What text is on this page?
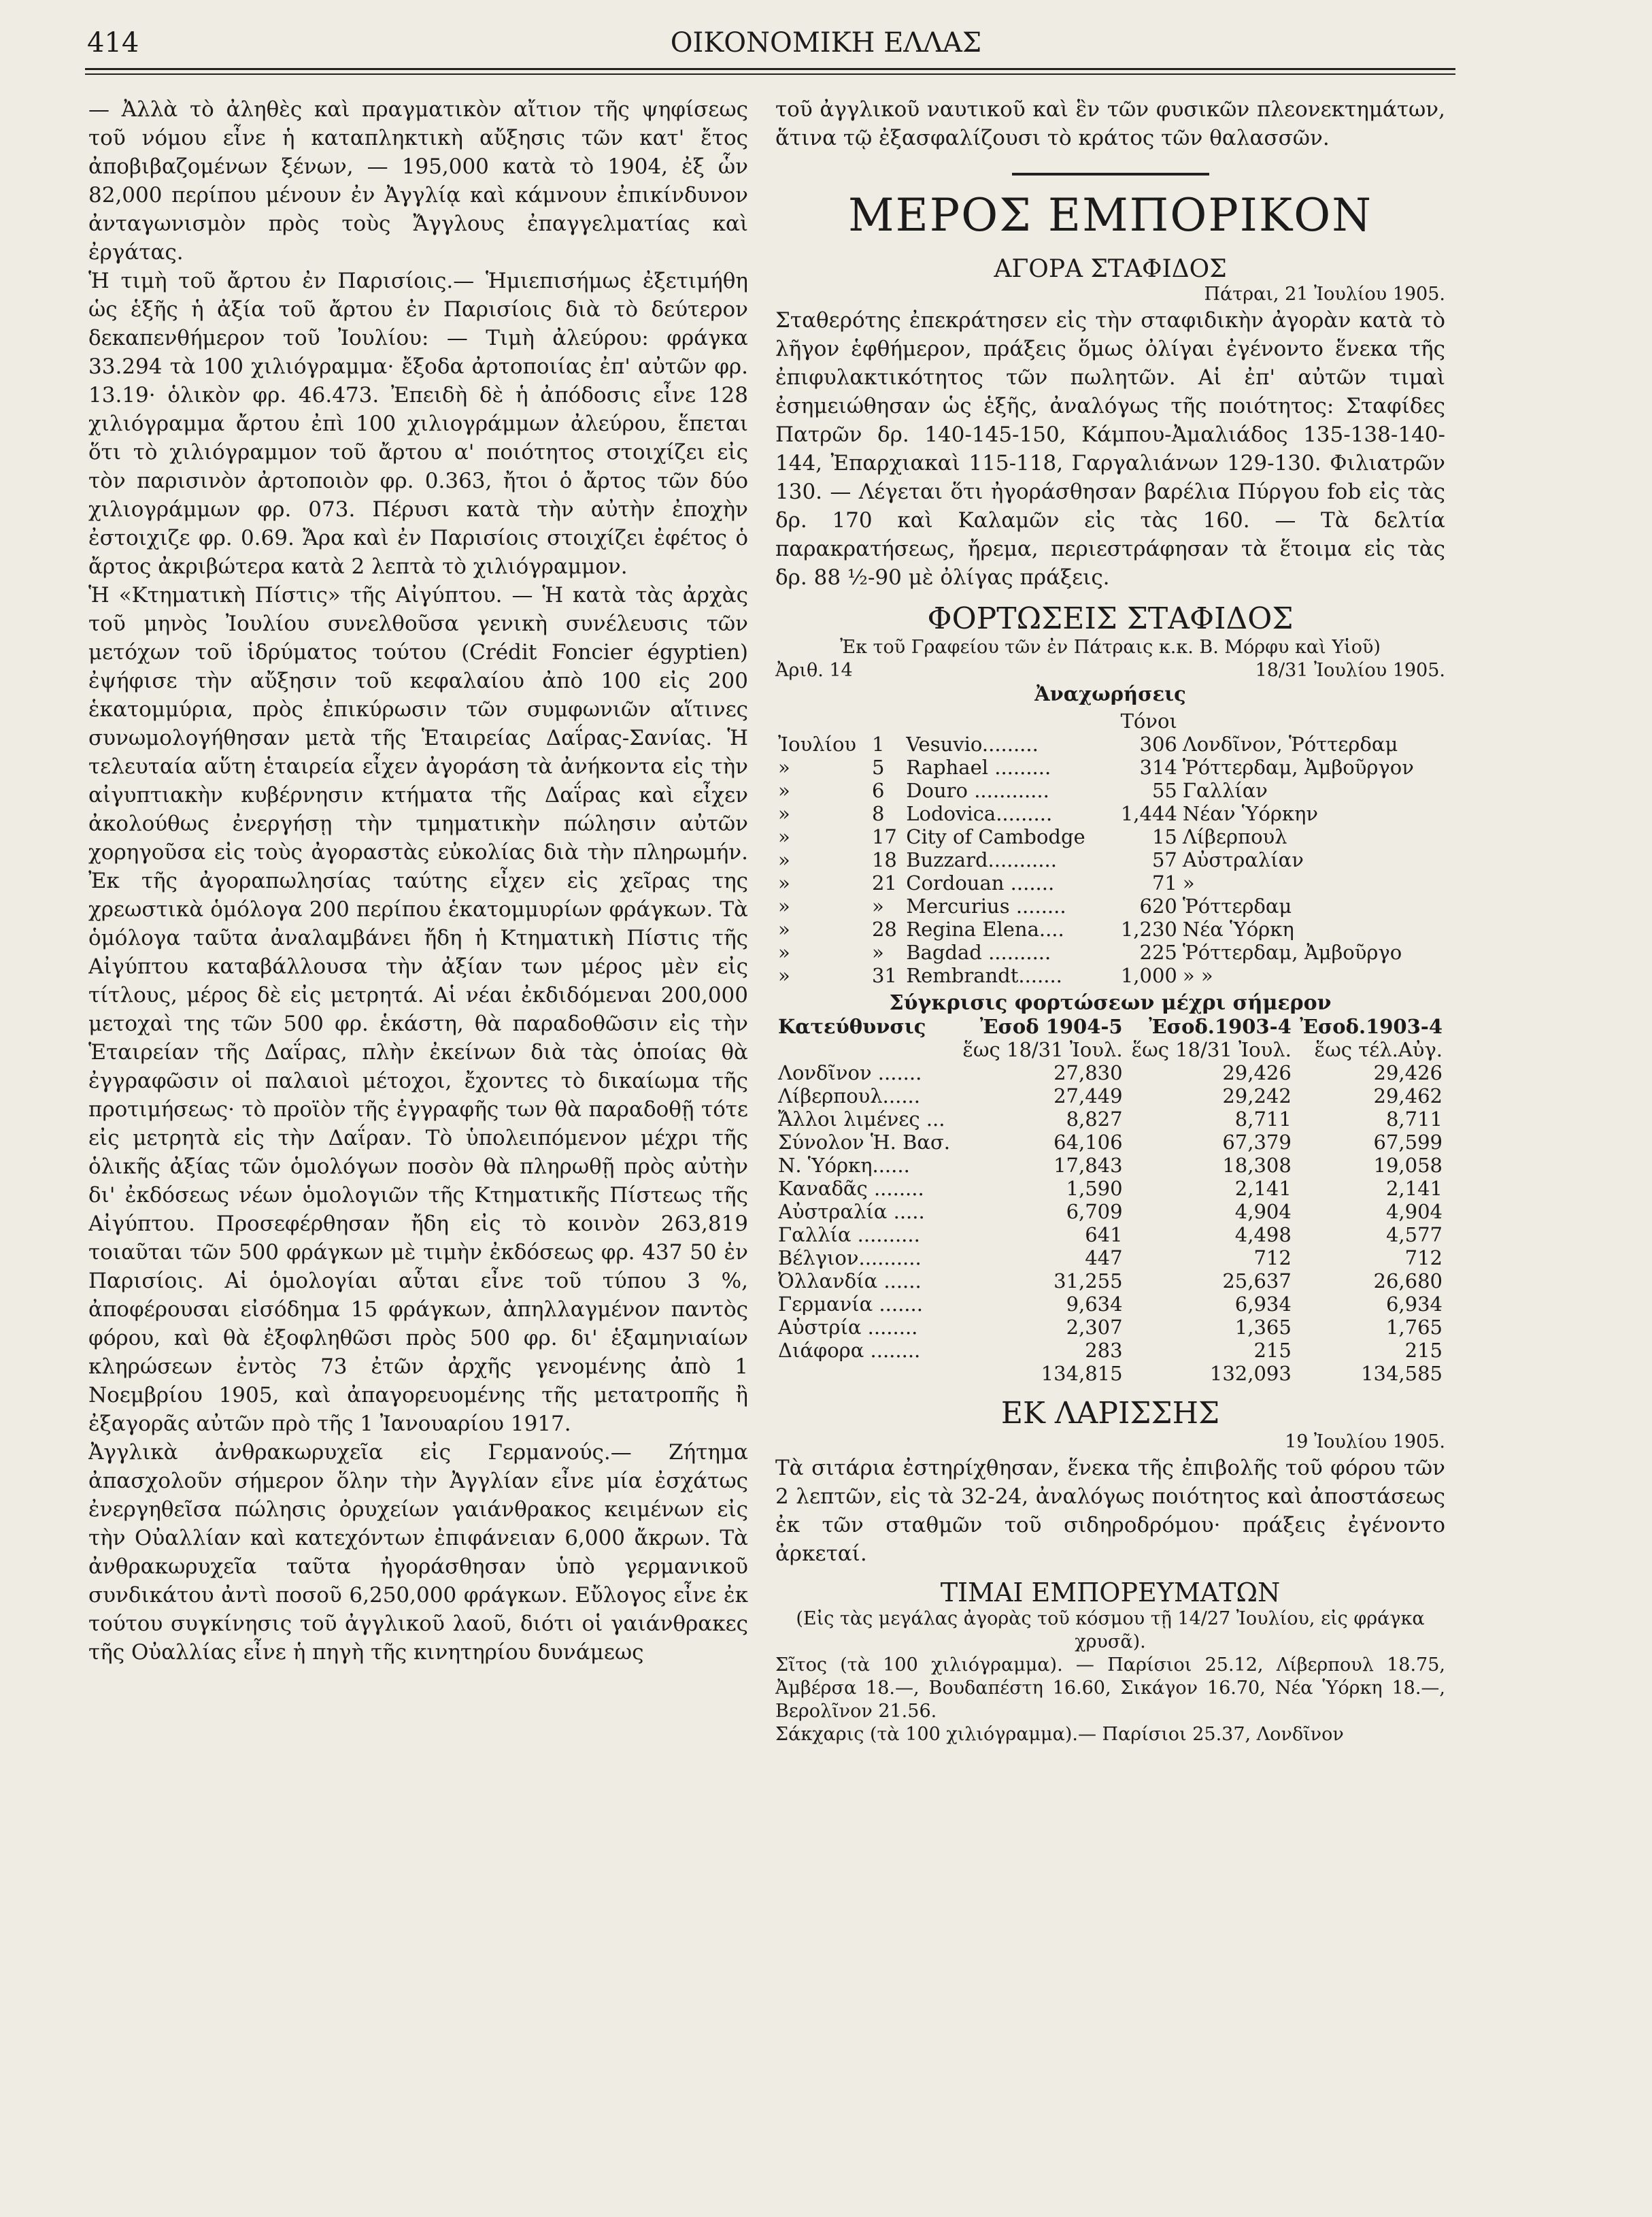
414	ΟΙΚΟΝΟΜΙΚΗ ΕΛΛΑΣ

— Ἀλλὰ τὸ ἀληθὲς καὶ πραγματικὸν αἴτιον τῆς ψηφίσεως τοῦ νόμου εἶνε ἡ καταπληκτικὴ αὔξησις τῶν κατ' ἔτος ἀποβιβαζομένων ξένων, — 195,000 κατὰ τὸ 1904, ἐξ ὧν 82,000 περίπου μένουν ἐν Ἀγγλίᾳ καὶ κάμνουν ἐπικίνδυνον ἀνταγωνισμὸν πρὸς τοὺς Ἄγγλους ἐπαγγελματίας καὶ ἐργάτας.

Ἡ τιμὴ τοῦ ἄρτου ἐν Παρισίοις.— Ἡμιεπισήμως ἐξετιμήθη ὡς ἑξῆς ἡ ἀξία τοῦ ἄρτου ἐν Παρισίοις διὰ τὸ δεύτερον δεκαπενθήμερον τοῦ Ἰουλίου: — Τιμὴ ἀλεύρου: φράγκα 33.294 τὰ 100 χιλιόγραμμα· ἔξοδα ἀρτοποιίας ἐπ' αὐτῶν φρ. 13.19· ὁλικὸν φρ. 46.473. Ἐπειδὴ δὲ ἡ ἀπόδοσις εἶνε 128 χιλιόγραμμα ἄρτου ἐπὶ 100 χιλιογράμμων ἀλεύρου, ἕπεται ὅτι τὸ χιλιόγραμμον τοῦ ἄρτου α' ποιότητος στοιχίζει εἰς τὸν παρισινὸν ἀρτοποιὸν φρ. 0.363, ἤτοι ὁ ἄρτος τῶν δύο χιλιογράμμων φρ. 073. Πέρυσι κατὰ τὴν αὐτὴν ἐποχὴν ἐστοιχιζε φρ. 0.69. Ἄρα καὶ ἐν Παρισίοις στοιχίζει ἐφέτος ὁ ἄρτος ἀκριβώτερα κατὰ 2 λεπτὰ τὸ χιλιόγραμμον.

Ἡ «Κτηματικὴ Πίστις» τῆς Αἰγύπτου. — Ἡ κατὰ τὰς ἀρχὰς τοῦ μηνὸς Ἰουλίου συνελθοῦσα γενικὴ συνέλευσις τῶν μετόχων τοῦ ἱδρύματος τούτου (Crédit Foncier égyptien) ἐψήφισε τὴν αὔξησιν τοῦ κεφαλαίου ἀπὸ 100 εἰς 200 ἑκατομμύρια, πρὸς ἐπικύρωσιν τῶν συμφωνιῶν αἵτινες συνωμολογήθησαν μετὰ τῆς Ἑταιρείας Δαΐρας-Σανίας. Ἡ τελευταία αὕτη ἑταιρεία εἶχεν ἀγοράση τὰ ἀνήκοντα εἰς τὴν αἰγυπτιακὴν κυβέρνησιν κτήματα τῆς Δαΐρας καὶ εἶχεν ἀκολούθως ἐνεργήσῃ τὴν τμηματικὴν πώλησιν αὐτῶν χορηγοῦσα εἰς τοὺς ἀγοραστὰς εὐκολίας διὰ τὴν πληρωμήν. Ἐκ τῆς ἀγοραπωλησίας ταύτης εἶχεν εἰς χεῖρας της χρεωστικὰ ὁμόλογα 200 περίπου ἑκατομμυρίων φράγκων. Τὰ ὁμόλογα ταῦτα ἀναλαμβάνει ἤδη ἡ Κτηματικὴ Πίστις τῆς Αἰγύπτου καταβάλλουσα τὴν ἀξίαν των μέρος μὲν εἰς τίτλους, μέρος δὲ εἰς μετρητά. Αἱ νέαι ἐκδιδόμεναι 200,000 μετοχαὶ της τῶν 500 φρ. ἑκάστη, θὰ παραδοθῶσιν εἰς τὴν Ἑταιρείαν τῆς Δαΐρας, πλὴν ἐκείνων διὰ τὰς ὁποίας θὰ ἐγγραφῶσιν οἱ παλαιοὶ μέτοχοι, ἔχοντες τὸ δικαίωμα τῆς προτιμήσεως· τὸ προϊὸν τῆς ἐγγραφῆς των θὰ παραδοθῇ τότε εἰς μετρητὰ εἰς τὴν Δαΐραν. Τὸ ὑπολειπόμενον μέχρι τῆς ὁλικῆς ἀξίας τῶν ὁμολόγων ποσὸν θὰ πληρωθῇ πρὸς αὐτὴν δι' ἐκδόσεως νέων ὁμολογιῶν τῆς Κτηματικῆς Πίστεως τῆς Αἰγύπτου. Προσεφέρθησαν ἤδη εἰς τὸ κοινὸν 263,819 τοιαῦται τῶν 500 φράγκων μὲ τιμὴν ἐκδόσεως φρ. 437 50 ἐν Παρισίοις. Αἱ ὁμολογίαι αὗται εἶνε τοῦ τύπου 3 %, ἀποφέρουσαι εἰσόδημα 15 φράγκων, ἀπηλλαγμένον παντὸς φόρου, καὶ θὰ ἐξοφληθῶσι πρὸς 500 φρ. δι' ἑξαμηνιαίων κληρώσεων ἐντὸς 73 ἐτῶν ἀρχῆς γενομένης ἀπὸ 1 Νοεμβρίου 1905, καὶ ἀπαγορευομένης τῆς μετατροπῆς ἢ ἐξαγορᾶς αὐτῶν πρὸ τῆς 1 Ἰανουαρίου 1917.

Ἀγγλικὰ ἀνθρακωρυχεῖα εἰς Γερμανούς.— Ζήτημα ἀπασχολοῦν σήμερον ὅλην τὴν Ἀγγλίαν εἶνε μία ἐσχάτως ἐνεργηθεῖσα πώλησις ὀρυχείων γαιάνθρακος κειμένων εἰς τὴν Οὐαλλίαν καὶ κατεχόντων ἐπιφάνειαν 6,000 ἄκρων. Τὰ ἀνθρακωρυχεῖα ταῦτα ἠγοράσθησαν ὑπὸ γερμανικοῦ συνδικάτου ἀντὶ ποσοῦ 6,250,000 φράγκων. Εὔλογος εἶνε ἐκ τούτου συγκίνησις τοῦ ἀγγλικοῦ λαοῦ, διότι οἱ γαιάνθρακες τῆς Οὐαλλίας εἶνε ἡ πηγὴ τῆς κινητηρίου δυνάμεως

τοῦ ἀγγλικοῦ ναυτικοῦ καὶ ἓν τῶν φυσικῶν πλεονεκτημάτων, ἅτινα τῷ ἐξασφαλίζουσι τὸ κράτος τῶν θαλασσῶν.
ΜΕΡΟΣ ΕΜΠΟΡΙΚΟΝ
ΑΓΟΡΑ ΣΤΑΦΙΔΟΣ
Πάτραι, 21 Ἰουλίου 1905.
Σταθερότης ἐπεκράτησεν εἰς τὴν σταφιδικὴν ἀγορὰν κατὰ τὸ λῆγον ἑφθήμερον, πράξεις ὅμως ὀλίγαι ἐγένοντο ἕνεκα τῆς ἐπιφυλακτικότητος τῶν πωλητῶν. Αἱ ἐπ' αὐτῶν τιμαὶ ἐσημειώθησαν ὡς ἑξῆς, ἀναλόγως τῆς ποιότητος: Σταφίδες Πατρῶν δρ. 140-145-150, Κάμπου-Ἀμαλιάδος 135-138-140-144, Ἐπαρχιακαὶ 115-118, Γαργαλιάνων 129-130. Φιλιατρῶν 130. — Λέγεται ὅτι ἠγοράσθησαν βαρέλια Πύργου fob εἰς τὰς δρ. 170 καὶ Καλαμῶν εἰς τὰς 160. — Τὰ δελτία παρακρατήσεως, ἤρεμα, περιεστράφησαν τὰ ἕτοιμα εἰς τὰς δρ. 88 ½-90 μὲ ὀλίγας πράξεις.
ΦΟΡΤΩΣΕΙΣ ΣΤΑΦΙΔΟΣ
Ἐκ τοῦ Γραφείου τῶν ἐν Πάτραις κ.κ. Β. Μόρφυ καὶ Υἱοῦ)
Ἀριθ. 14	18/31 Ἰουλίου 1905.
Ἀναχωρήσεις
			Τόνοι	
Ἰουλίου	1	Vesuvio.........	306	Λονδῖνον, Ῥόττερδαμ
»	5	Raphael .........	314	Ῥόττερδαμ, Ἀμβοῦργον
»	6	Douro ............	55	Γαλλίαν
»	8	Lodovica.........	1,444	Νέαν Ὑόρκην
»	17	City of Cambodge	15	Λίβερπουλ
»	18	Buzzard...........	57	Αὐστραλίαν
»	21	Cordouan .......	71	»
»	»	Mercurius ........	620	Ῥόττερδαμ
»	28	Regina Elena....	1,230	Νέα Ὑόρκη
»	»	Bagdad ..........	225	Ῥόττερδαμ, Ἀμβοῦργο
»	31	Rembrandt.......	1,000	» »
Σύγκρισις φορτώσεων μέχρι σήμερον
Κατεύθυνσις	Ἐσοδ 1904-5	Ἐσοδ.1903-4	Ἐσοδ.1903-4
	ἕως 18/31 Ἰουλ.	ἕως 18/31 Ἰουλ.	ἕως τέλ.Αὐγ.
Λονδῖνον .......	27,830	29,426	29,426
Λίβερπουλ......	27,449	29,242	29,462
Ἄλλοι λιμένες ...	8,827	8,711	8,711
Σύνολον Ἡ. Βασ.	64,106	67,379	67,599
Ν. Ὑόρκη......	17,843	18,308	19,058
Καναδᾶς ........	1,590	2,141	2,141
Αὐστραλία .....	6,709	4,904	4,904
Γαλλία ..........	641	4,498	4,577
Βέλγιον..........	447	712	712
Ὀλλανδία ......	31,255	25,637	26,680
Γερμανία .......	9,634	6,934	6,934
Αὐστρία ........	2,307	1,365	1,765
Διάφορα ........	283	215	215
	134,815	132,093	134,585
ΕΚ ΛΑΡΙΣΣΗΣ
19 Ἰουλίου 1905.
Τὰ σιτάρια ἐστηρίχθησαν, ἕνεκα τῆς ἐπιβολῆς τοῦ φόρου τῶν 2 λεπτῶν, εἰς τὰ 32-24, ἀναλόγως ποιότητος καὶ ἀποστάσεως ἐκ τῶν σταθμῶν τοῦ σιδηροδρόμου· πράξεις ἐγένοντο ἀρκεταί.
ΤΙΜΑΙ ΕΜΠΟΡΕΥΜΑΤΩΝ
(Εἰς τὰς μεγάλας ἀγορὰς τοῦ κόσμου τῇ 14/27 Ἰουλίου, εἰς φράγκα χρυσᾶ).
Σῖτος (τὰ 100 χιλιόγραμμα). — Παρίσιοι 25.12, Λίβερπουλ 18.75, Ἀμβέρσα 18.—, Βουδαπέστη 16.60, Σικάγον 16.70, Νέα Ὑόρκη 18.—, Βερολῖνον 21.56.
Σάκχαρις (τὰ 100 χιλιόγραμμα).— Παρίσιοι 25.37, Λονδῖνον
